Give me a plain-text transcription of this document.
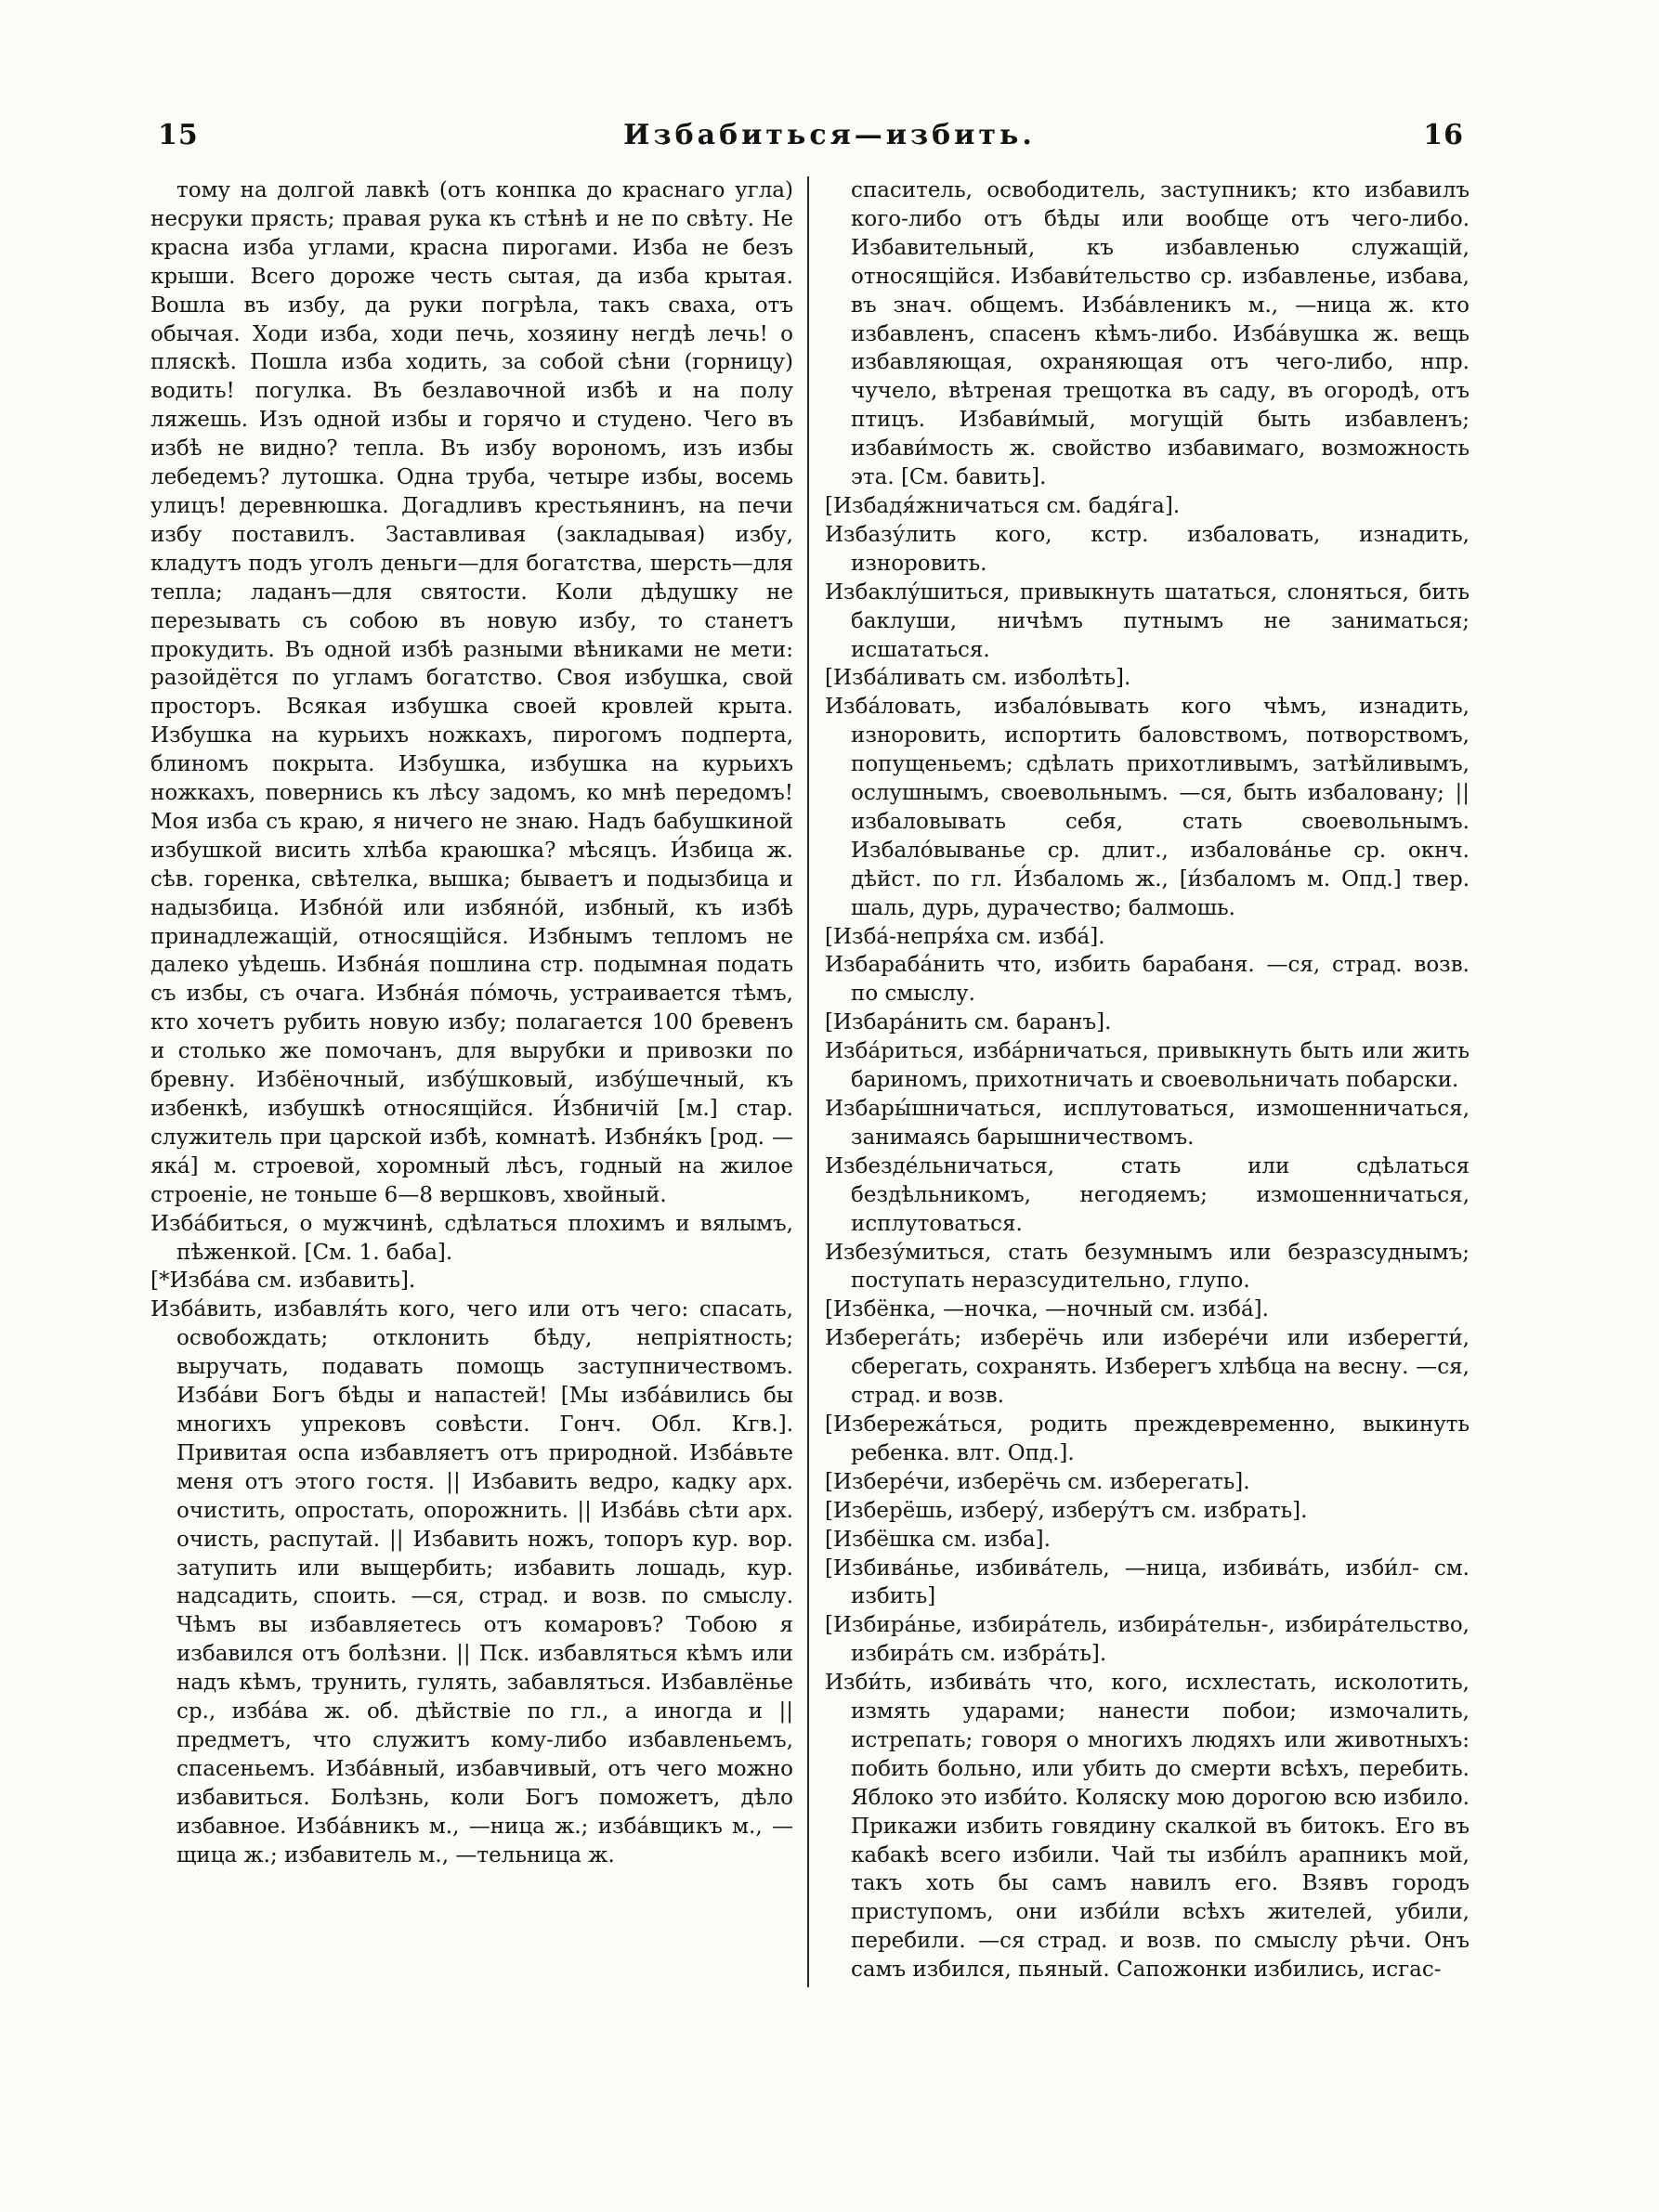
15	Избабиться—избить.	16

тому на долгой лавкѣ (отъ конпка до краснаго угла) несруки прясть; правая рука къ стѣнѣ и не по свѣту. Не красна изба углами, красна пирогами. Изба не безъ крыши. Всего дороже честь сытая, да изба крытая. Вошла въ избу, да руки погрѣла, такъ сваха, отъ обычая. Ходи изба, ходи печь, хозяину негдѣ лечь! о пляскѣ. Пошла изба ходить, за собой сѣни (горницу) водить! погулка. Въ безлавочной избѣ и на полу ляжешь. Изъ одной избы и горячо и студено. Чего въ избѣ не видно? тепла. Въ избу ворономъ, изъ избы лебедемъ? лутошка. Одна труба, четыре избы, восемь улицъ! деревнюшка. Догадливъ крестьянинъ, на печи избу поставилъ. Заставливая (закладывая) избу, кладутъ подъ уголъ деньги—для богатства, шерсть—для тепла; ладанъ—для святости. Коли дѣдушку не перезывать съ собою въ новую избу, то станетъ прокудить. Въ одной избѣ разными вѣниками не мети: разойдётся по угламъ богатство. Своя избушка, свой просторъ. Всякая избушка своей кровлей крыта. Избушка на курьихъ ножкахъ, пирогомъ подперта, блиномъ покрыта. Избушка, избушка на курьихъ ножкахъ, повернись къ лѣсу задомъ, ко мнѣ передомъ! Моя изба съ краю, я ничего не знаю. Надъ бабушкиной избушкой висить хлѣба краюшка? мѣсяцъ. И́збица ж. сѣв. горенка, свѣтелка, вышка; бываетъ и подызбица и надызбица. Избно́й или избяно́й, избный, къ избѣ принадлежащій, относящійся. Избнымъ тепломъ не далеко уѣдешь. Избна́я пошлина стр. подымная подать съ избы, съ очага. Избна́я по́мочь, устраивается тѣмъ, кто хочетъ рубить новую избу; полагается 100 бревенъ и столько же помочанъ, для вырубки и привозки по бревну. Избёночный, избу́шковый, избу́шечный, къ избенкѣ, избушкѣ относящійся. И́збничій [м.] стар. служитель при царской избѣ, комнатѣ. Избня́къ [род. —яка́] м. строевой, хоромный лѣсъ, годный на жилое строеніе, не тоньше 6—8 вершковъ, хвойный.

Изба́биться, о мужчинѣ, сдѣлаться плохимъ и вялымъ, пѣженкой. [См. 1. баба].

[*Изба́ва см. избавить].

Изба́вить, избавля́ть кого, чего или отъ чего: спасать, освобождать; отклонить бѣду, непріятность; выручать, подавать помощь заступничествомъ. Изба́ви Богъ бѣды и напастей! [Мы изба́вились бы многихъ упрековъ совѣсти. Гонч. Обл. Кгв.]. Привитая оспа избавляетъ отъ природной. Изба́вьте меня отъ этого гостя. || Избавить ведро, кадку арх. очистить, опростать, опорожнить. || Изба́вь сѣти арх. очисть, распутай. || Избавить ножъ, топоръ кур. вор. затупить или выщербить; избавить лошадь, кур. надсадить, споить. —ся, страд. и возв. по смыслу. Чѣмъ вы избавляетесь отъ комаровъ? Тобою я избавился отъ болѣзни. || Пск. избавляться кѣмъ или надъ кѣмъ, трунить, гулять, забавляться. Избавлёнье ср., изба́ва ж. об. дѣйствіе по гл., а иногда и || предметъ, что служитъ кому-либо избавленьемъ, спасеньемъ. Изба́вный, избавчивый, отъ чего можно избавиться. Болѣзнь, коли Богъ поможетъ, дѣло избавное. Изба́вникъ м., —ница ж.; изба́вщикъ м., —щица ж.; избавитель м., —тельница ж.

спаситель, освободитель, заступникъ; кто избавилъ кого-либо отъ бѣды или вообще отъ чего-либо. Избавительный, къ избавленью служащій, относящійся. Избави́тельство ср. избавленье, избава, въ знач. общемъ. Изба́вленикъ м., —ница ж. кто избавленъ, спасенъ кѣмъ-либо. Изба́вушка ж. вещь избавляющая, охраняющая отъ чего-либо, нпр. чучело, вѣтреная трещотка въ саду, въ огородѣ, отъ птицъ. Избави́мый, могущій быть избавленъ; избави́мость ж. свойство избавимаго, возможность эта. [См. бавить].

[Избадя́жничаться см. бадя́га].

Избазу́лить кого, кстр. избаловать, изнадить, изноровить.

Избаклу́шиться, привыкнуть шататься, слоняться, бить баклуши, ничѣмъ путнымъ не заниматься; исшататься.

[Изба́ливать см. изболѣть].

Изба́ловать, избало́вывать кого чѣмъ, изнадить, изноровить, испортить баловствомъ, потворствомъ, попущеньемъ; сдѣлать прихотливымъ, затѣйливымъ, ослушнымъ, своевольнымъ. —ся, быть избаловану; || избаловывать себя, стать своевольнымъ. Избало́выванье ср. длит., избалова́нье ср. окнч. дѣйст. по гл. И́збаломь ж., [и́збаломъ м. Опд.] твер. шаль, дурь, дурачество; балмошь.

[Изба́-непря́ха см. изба́].

Избараба́нить что, избить барабаня. —ся, страд. возв. по смыслу.

[Избара́нить см. баранъ].

Изба́риться, изба́рничаться, привыкнуть быть или жить бариномъ, прихотничать и своевольничать побарски.

Избары́шничаться, исплутоваться, измошенничаться, занимаясь барышничествомъ.

Избезде́льничаться, стать или сдѣлаться бездѣльникомъ, негодяемъ; измошенничаться, исплутоваться.

Избезу́миться, стать безумнымъ или безразсуднымъ; поступать неразсудительно, глупо.

[Избёнка, —ночка, —ночный см. изба́].

Изберега́ть; изберёчь или избере́чи или изберегти́, сберегать, сохранять. Изберегъ хлѣбца на весну. —ся, страд. и возв.

[Избережа́ться, родить преждевременно, выкинуть ребенка. влт. Опд.].

[Избере́чи, изберёчь см. изберегать].

[Изберёшь, изберу́, изберу́тъ см. избрать].

[Избёшка см. изба].

[Избива́нье, избива́тель, —ница, избива́ть, изби́л- см. избить]

[Избира́нье, избира́тель, избира́тельн-, избира́тельство, избира́ть см. избра́ть].

Изби́ть, избива́ть что, кого, исхлестать, исколотить, измять ударами; нанести побои; измочалить, истрепать; говоря о многихъ людяхъ или животныхъ: побить больно, или убить до смерти всѣхъ, перебить. Яблоко это изби́то. Коляску мою дорогою всю избило. Прикажи избить говядину скалкой въ битокъ. Его въ кабакѣ всего избили. Чай ты изби́лъ арапникъ мой, такъ хоть бы самъ навилъ его. Взявъ городъ приступомъ, они изби́ли всѣхъ жителей, убили, перебили. —ся страд. и возв. по смыслу рѣчи. Онъ самъ избился, пьяный. Сапожонки избились, исгас-
